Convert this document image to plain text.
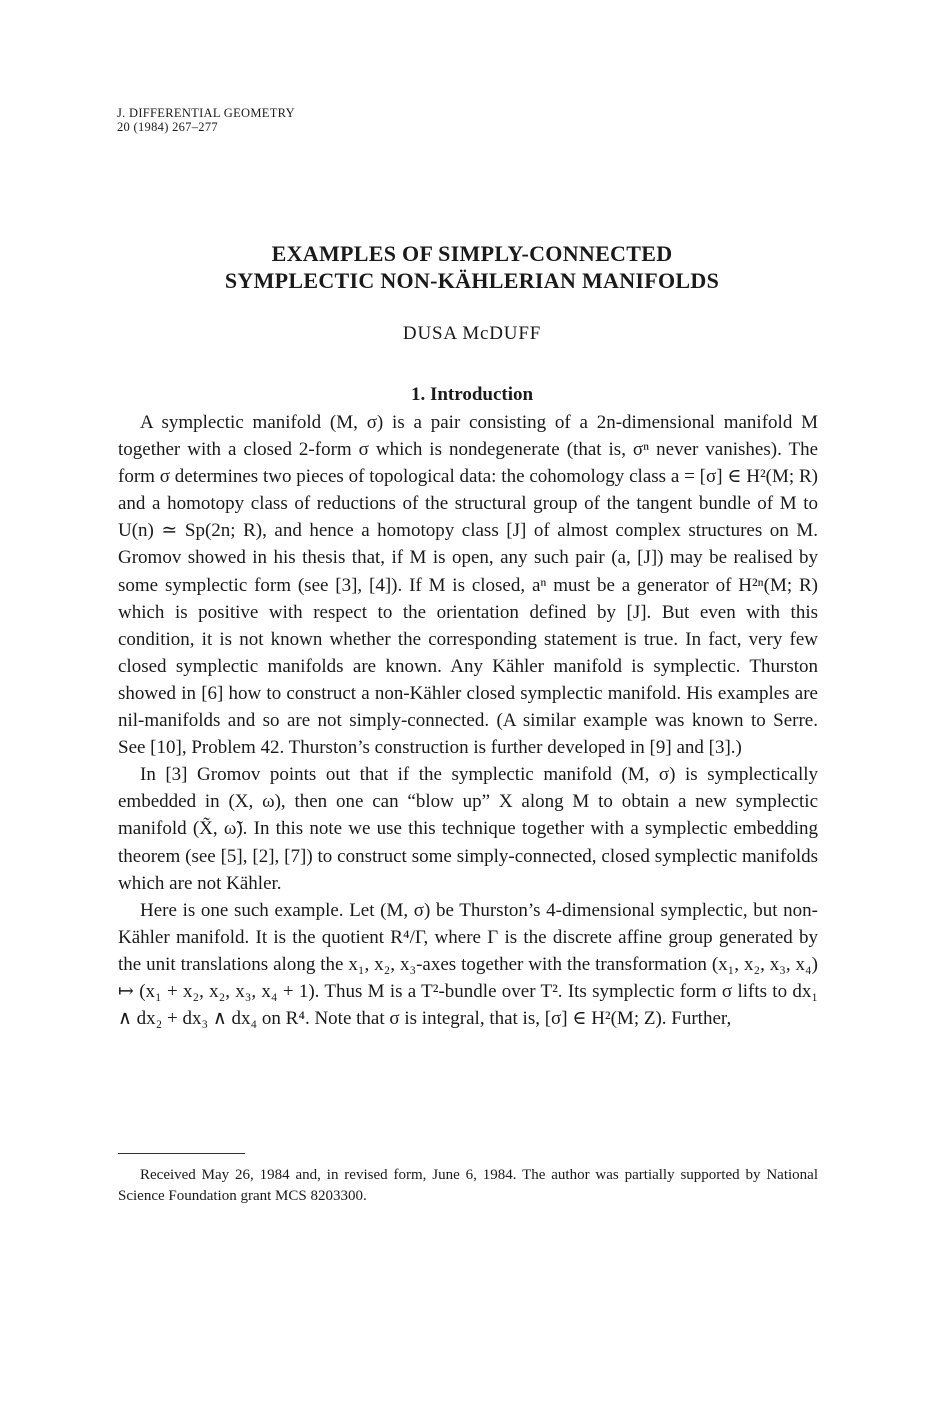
J. DIFFERENTIAL GEOMETRY
20 (1984) 267–277
EXAMPLES OF SIMPLY-CONNECTED
SYMPLECTIC NON-KÄHLERIAN MANIFOLDS
DUSA McDUFF
1. Introduction

A symplectic manifold (M, σ) is a pair consisting of a 2n-dimensional manifold M together with a closed 2-form σ which is nondegenerate (that is, σⁿ never vanishes). The form σ determines two pieces of topological data: the cohomology class a = [σ] ∈ H²(M; R) and a homotopy class of reductions of the structural group of the tangent bundle of M to U(n) ≃ Sp(2n; R), and hence a homotopy class [J] of almost complex structures on M. Gromov showed in his thesis that, if M is open, any such pair (a, [J]) may be realised by some symplectic form (see [3], [4]). If M is closed, aⁿ must be a generator of H²ⁿ(M; R) which is positive with respect to the orientation defined by [J]. But even with this condition, it is not known whether the corresponding statement is true. In fact, very few closed symplectic manifolds are known. Any Kähler manifold is symplectic. Thurston showed in [6] how to construct a non-Kähler closed symplectic manifold. His examples are nil-manifolds and so are not simply-connected. (A similar example was known to Serre. See [10], Problem 42. Thurston’s construction is further developed in [9] and [3].)

In [3] Gromov points out that if the symplectic manifold (M, σ) is symplectically embedded in (X, ω), then one can “blow up” X along M to obtain a new symplectic manifold (X̃, ω̃). In this note we use this technique together with a symplectic embedding theorem (see [5], [2], [7]) to construct some simply-connected, closed symplectic manifolds which are not Kähler.

Here is one such example. Let (M, σ) be Thurston’s 4-dimensional symplectic, but non-Kähler manifold. It is the quotient R⁴/Γ, where Γ is the discrete affine group generated by the unit translations along the x₁, x₂, x₃-axes together with the transformation (x₁, x₂, x₃, x₄) ↦ (x₁ + x₂, x₂, x₃, x₄ + 1). Thus M is a T²-bundle over T². Its symplectic form σ lifts to dx₁ ∧ dx₂ + dx₃ ∧ dx₄ on R⁴. Note that σ is integral, that is, [σ] ∈ H²(M; Z). Further,

Received May 26, 1984 and, in revised form, June 6, 1984. The author was partially supported by National Science Foundation grant MCS 8203300.
